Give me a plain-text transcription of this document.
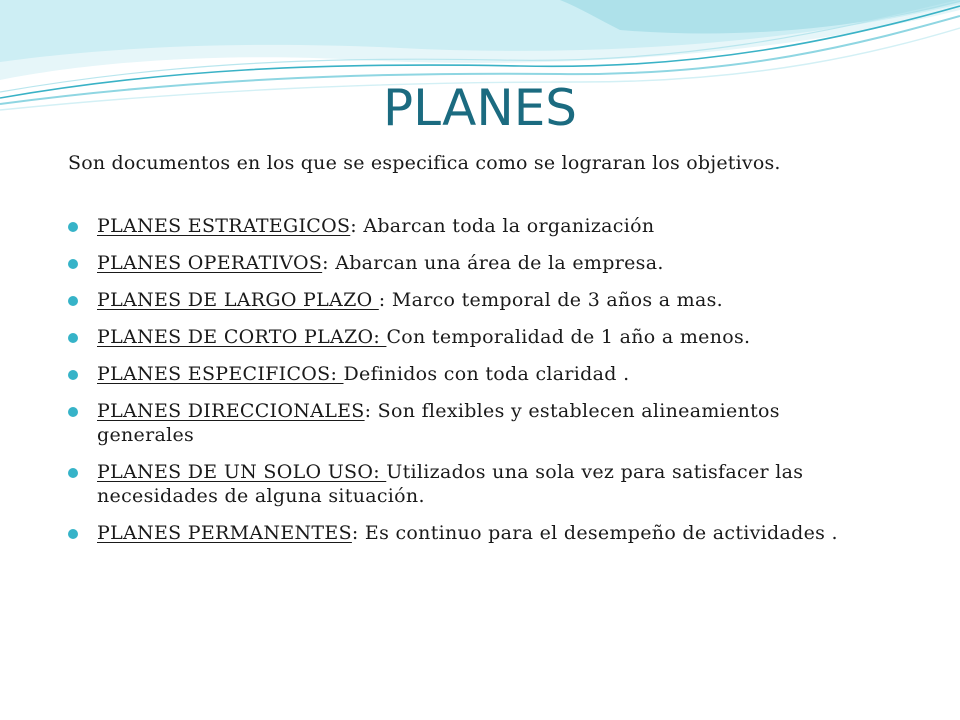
PLANES

Son documentos en los que se especifica como se lograran los objetivos.

PLANES ESTRATEGICOS: Abarcan toda la organización
PLANES OPERATIVOS: Abarcan una área de la empresa.
PLANES DE LARGO PLAZO : Marco temporal de 3 años a mas.
PLANES DE CORTO PLAZO: Con temporalidad de 1 año a menos.
PLANES ESPECIFICOS: Definidos con toda claridad .
PLANES DIRECCIONALES: Son flexibles y establecen alineamientos generales
PLANES DE UN SOLO USO: Utilizados una sola vez para satisfacer las necesidades de alguna situación.
PLANES PERMANENTES: Es continuo para el desempeño de actividades .
